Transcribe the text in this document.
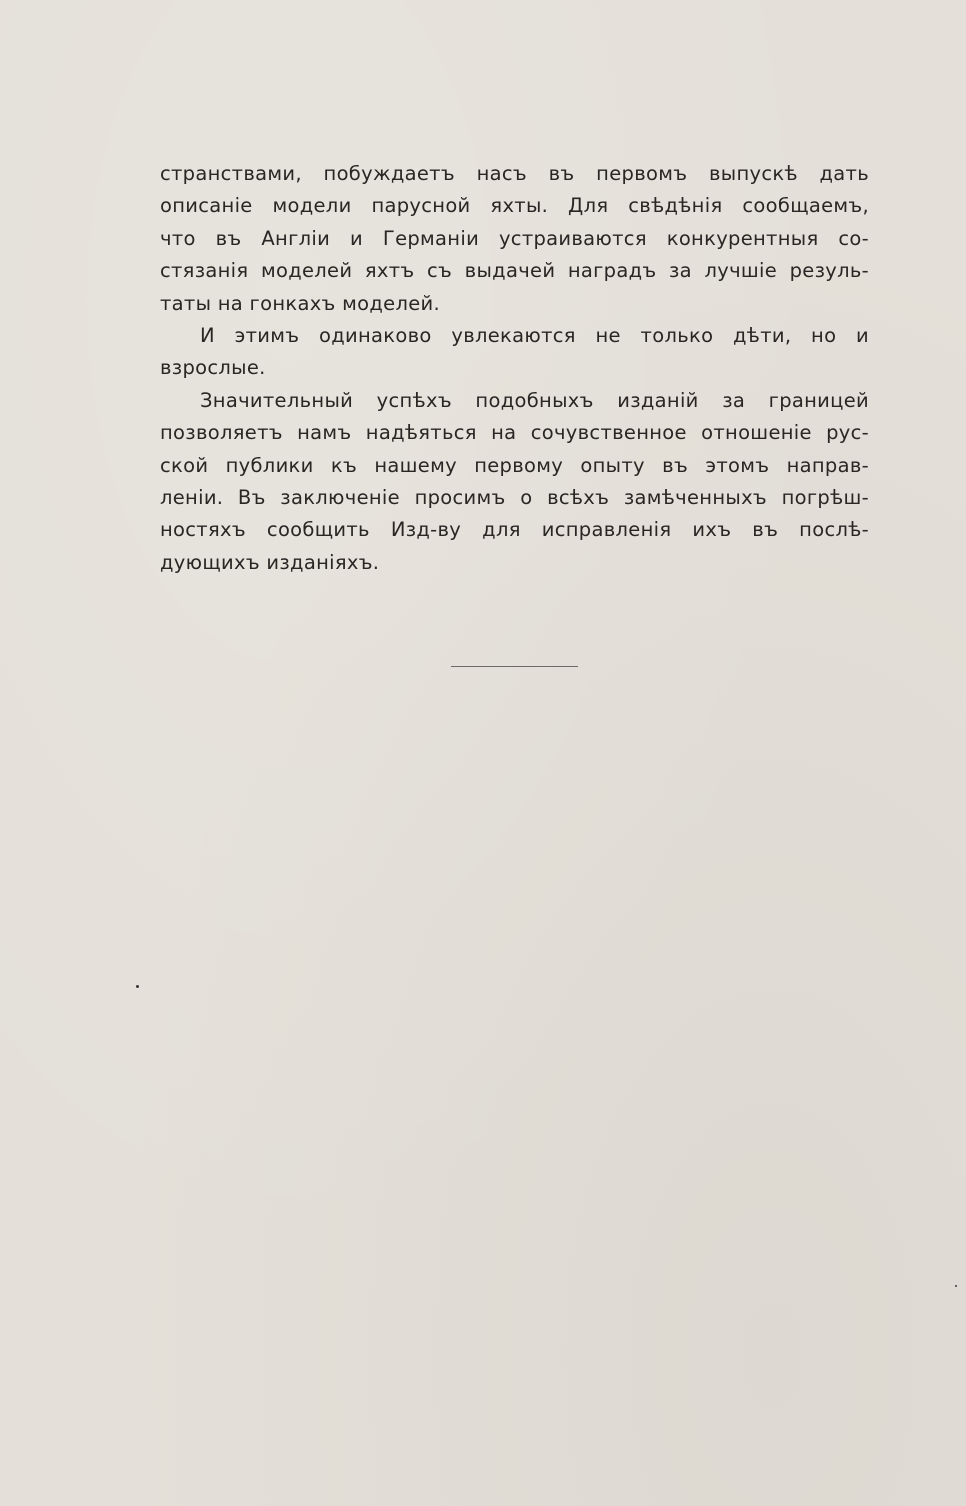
странствами, побуждаетъ насъ въ первомъ выпускѣ дать
описаніе модели парусной яхты. Для свѣдѣнія сообщаемъ,
что въ Англіи и Германіи устраиваются конкурентныя со-
стязанія моделей яхтъ съ выдачей наградъ за лучшіе резуль-
таты на гонкахъ моделей.
И этимъ одинаково увлекаются не только дѣти, но и
взрослые.
Значительный успѣхъ подобныхъ изданій за границей
позволяетъ намъ надѣяться на сочувственное отношеніе рус-
ской публики къ нашему первому опыту въ этомъ направ-
леніи. Въ заключеніе просимъ о всѣхъ замѣченныхъ погрѣш-
ностяхъ сообщить Изд-ву для исправленія ихъ въ послѣ-
дующихъ изданіяхъ.
